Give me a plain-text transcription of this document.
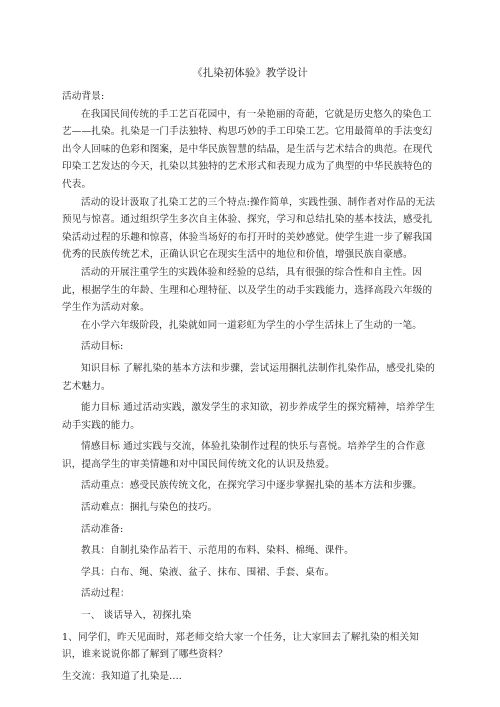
《扎染初体验》教学设计

活动背景:

在我国民间传统的手工艺百花园中，有一朵艳丽的奇葩，它就是历史悠久的染色工艺——扎染。扎染是一门手法独特、构思巧妙的手工印染工艺。它用最简单的手法变幻出令人回味的色彩和图案，是中华民族智慧的结晶，是生活与艺术结合的典范。在现代印染工艺发达的今天，扎染以其独特的艺术形式和表现力成为了典型的中华民族特色的代表。

活动的设计汲取了扎染工艺的三个特点:操作简单，实践性强、制作者对作品的无法预见与惊喜。通过组织学生多次自主体验、探究，学习和总结扎染的基本技法，感受扎染活动过程的乐趣和惊喜，体验当场好的布打开时的美妙感觉。使学生进一步了解我国优秀的民族传统艺术，正确认识它在现实生活中的地位和价值，增强民族自豪感。

活动的开展注重学生的实践体验和经验的总结，具有很强的综合性和自主性。因此，根据学生的年龄、生理和心理特征、以及学生的动手实践能力，选择高段六年级的学生作为活动对象。

在小学六年级阶段，扎染就如同一道彩虹为学生的小学生活抹上了生动的一笔。

活动目标:

知识目标 了解扎染的基本方法和步骤，尝试运用捆扎法制作扎染作品，感受扎染的艺术魅力。

能力目标 通过活动实践，激发学生的求知欲，初步养成学生的探究精神，培养学生动手实践的能力。

情感目标 通过实践与交流，体验扎染制作过程的快乐与喜悦。培养学生的合作意识，提高学生的审美情趣和对中国民间传统文化的认识及热爱。

活动重点：感受民族传统文化，在探究学习中逐步掌握扎染的基本方法和步骤。

活动难点：捆扎与染色的技巧。

活动准备:

教具：自制扎染作品若干、示范用的布料、染料、棉绳、课件。

学具：白布、绳、染液、盆子、抹布、围裙、手套、桌布。

活动过程：

一、 谈话导入，初探扎染

1、同学们，昨天见面时，郑老师交给大家一个任务，让大家回去了解扎染的相关知识，谁来说说你都了解到了哪些资料？

生交流：我知道了扎染是....
